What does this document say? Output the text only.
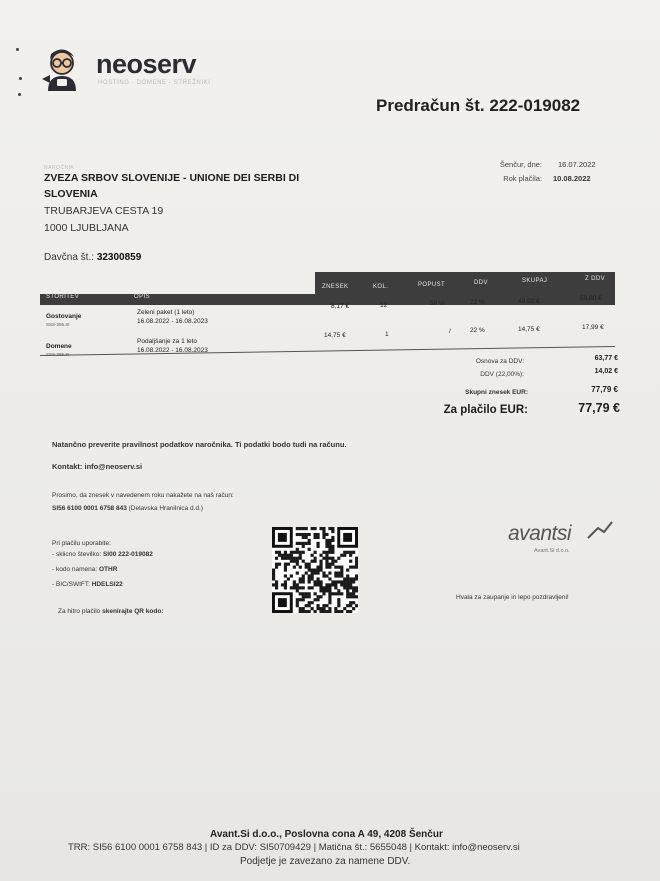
neoserv
HOSTING · DOMENE · STREŽNIKI
Predračun št. 222-019082
Šenčur, dne: 16.07.2022
Rok plačila: 10.08.2022
NAROČNIK
ZVEZA SRBOV SLOVENIJE - UNIONE DEI SERBI DI SLOVENIA
TRUBARJEVA CESTA 19
1000 LJUBLJANA
Davčna št.: 32300859
STORITEV	OPIS
ZNESEK	KOL.	POPUST	DDV	SKUPAJ	Z DDV
Gostovanje
SSS-255.SI
Zeleni paket (1 leto)
16.08.2022 - 16.08.2023
8,17 €	12	50 %	22 %	49,02 €	59,80 €
Domene
Podaljšanje za 1 leto
16.08.2022 - 16.08.2023
14,75 €	1	/	22 %	14,75 €	17,99 €
Osnova za DDV:	63,77 €
DDV (22,00%):	14,02 €
Skupni znesek EUR:	77,79 €
Za plačilo EUR:	77,79 €
Natančno preverite pravilnost podatkov naročnika. Ti podatki bodo tudi na računu.
Kontakt: info@neoserv.si
Prosimo, da znesek v navedenem roku nakažete na naš račun:
SI56 6100 0001 6758 843 (Delavska Hranilnica d.d.)
Pri plačilu uporabite:
- sklicno številko: SI00 222-019082
- kodo namena: OTHR
- BIC/SWIFT: HDELSI22
Za hitro plačilo skenirajte QR kodo:
avantsi
Avant.Si d.o.o.
Hvala za zaupanje in lepo pozdravljeni!
Avant.Si d.o.o., Poslovna cona A 49, 4208 Šenčur
TRR: SI56 6100 0001 6758 843 | ID za DDV: SI50709429 | Matična št.: 5655048 | Kontakt: info@neoserv.si
Podjetje je zavezano za namene DDV.
